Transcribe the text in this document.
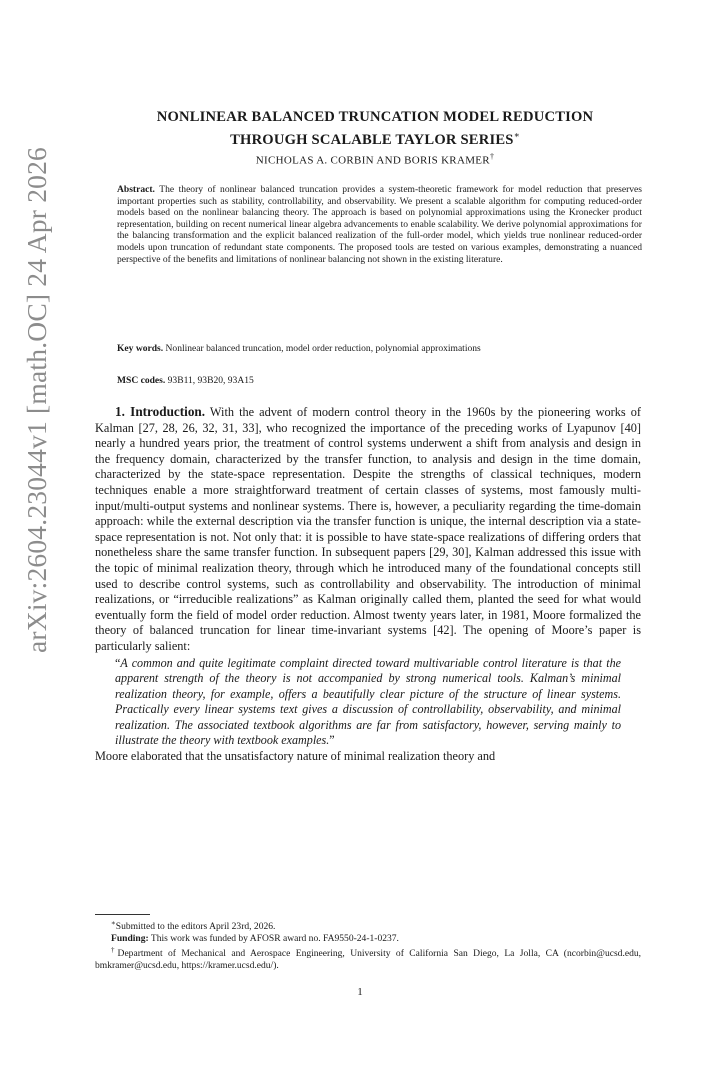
arXiv:2604.23044v1 [math.OC] 24 Apr 2026
NONLINEAR BALANCED TRUNCATION MODEL REDUCTION
THROUGH SCALABLE TAYLOR SERIES∗
NICHOLAS A. CORBIN AND BORIS KRAMER†
Abstract. The theory of nonlinear balanced truncation provides a system-theoretic framework for model reduction that preserves important properties such as stability, controllability, and observability. We present a scalable algorithm for computing reduced-order models based on the nonlinear balancing theory. The approach is based on polynomial approximations using the Kronecker product representation, building on recent numerical linear algebra advancements to enable scalability. We derive polynomial approximations for the balancing transformation and the explicit balanced realization of the full-order model, which yields true nonlinear reduced-order models upon truncation of redundant state components. The proposed tools are tested on various examples, demonstrating a nuanced perspective of the benefits and limitations of nonlinear balancing not shown in the existing literature.
Key words. Nonlinear balanced truncation, model order reduction, polynomial approximations
MSC codes. 93B11, 93B20, 93A15

1. Introduction. With the advent of modern control theory in the 1960s by the pioneering works of Kalman [27, 28, 26, 32, 31, 33], who recognized the importance of the preceding works of Lyapunov [40] nearly a hundred years prior, the treatment of control systems underwent a shift from analysis and design in the frequency domain, characterized by the transfer function, to analysis and design in the time domain, characterized by the state-space representation. Despite the strengths of classical techniques, modern techniques enable a more straightforward treatment of certain classes of systems, most famously multi-input/multi-output systems and nonlinear systems. There is, however, a peculiarity regarding the time-domain approach: while the external description via the transfer function is unique, the internal description via a state-space representation is not. Not only that: it is possible to have state-space realizations of differing orders that nonetheless share the same transfer function. In subsequent papers [29, 30], Kalman addressed this issue with the topic of minimal realization theory, through which he introduced many of the foundational concepts still used to describe control systems, such as controllability and observability. The introduction of minimal realizations, or “irreducible realizations” as Kalman originally called them, planted the seed for what would eventually form the field of model order reduction. Almost twenty years later, in 1981, Moore formalized the theory of balanced truncation for linear time-invariant systems [42]. The opening of Moore’s paper is particularly salient:

“A common and quite legitimate complaint directed toward multivariable control literature is that the apparent strength of the theory is not accompanied by strong numerical tools. Kalman’s minimal realization theory, for example, offers a beautifully clear picture of the structure of linear systems. Practically every linear systems text gives a discussion of controllability, observability, and minimal realization. The associated textbook algorithms are far from satisfactory, however, serving mainly to illustrate the theory with textbook examples.”

Moore elaborated that the unsatisfactory nature of minimal realization theory and

∗Submitted to the editors April 23rd, 2026.

Funding: This work was funded by AFOSR award no. FA9550-24-1-0237.

†Department of Mechanical and Aerospace Engineering, University of California San Diego, La Jolla, CA (ncorbin@ucsd.edu, bmkramer@ucsd.edu, https://kramer.ucsd.edu/).

1
